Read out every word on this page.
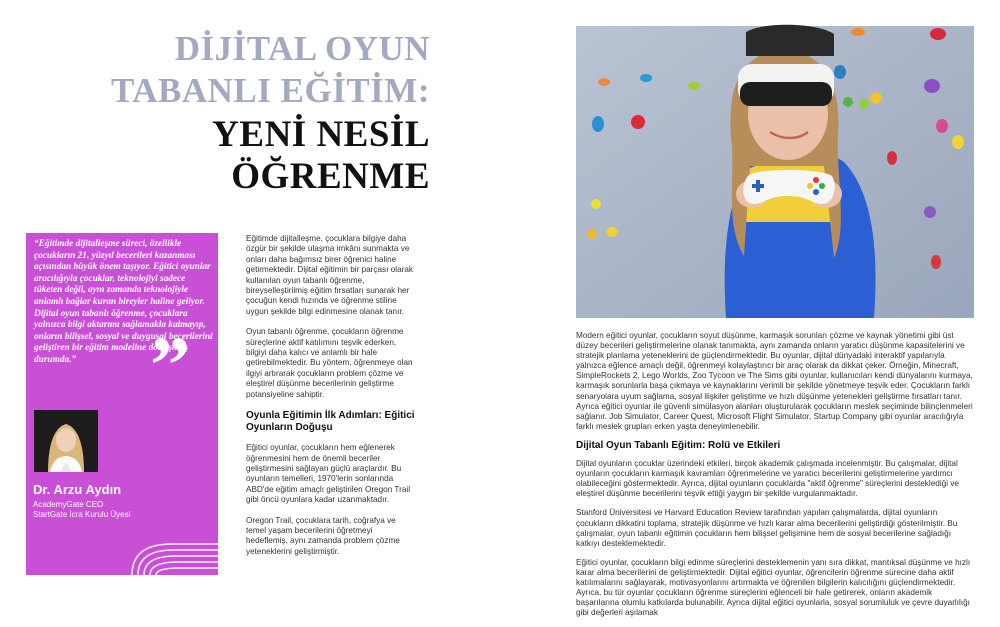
DİJİTAL OYUN
TABANLI EĞİTİM:
YENİ NESİL ÖĞRENME
“Eğitimde dijitalleşme süreci, özellikle çocukların 21. yüzyıl becerileri kazanması açısından büyük önem taşıyor. Eğitici oyunlar aracılığıyla çocuklar, teknolojiyi sadece tüketen değil, aynı zamanda teknolojiyle anlamlı bağlar kuran bireyler haline geliyor. Dijital oyun tabanlı öğrenme, çocuklara yalnızca bilgi aktarımı sağlamakla kalmayıp, onların bilişsel, sosyal ve duygusal becerilerini geliştiren bir eğitim modeline dönüşmüş durumda.” ”
Dr. Arzu Aydın
AcademyGate CEO
StartGate İcra Kurulu Üyesi

Eğitimde dijitalleşme, çocuklara bilgiye daha özgür bir şekilde ulaşma imkânı sunmakta ve onları daha bağımsız birer öğrenici haline getirmektedir. Dijital eğitimin bir parçası olarak kullanılan oyun tabanlı öğrenme, bireyselleştirilmiş eğitim fırsatları sunarak her çocuğun kendi hızında ve öğrenme stiline uygun şekilde bilgi edinmesine olanak tanır.

Oyun tabanlı öğrenme, çocukların öğrenme süreçlerine aktif katılımını teşvik ederken, bilgiyi daha kalıcı ve anlamlı bir hale getirebilmektedir. Bu yöntem, öğrenmeye olan ilgiyi artırarak çocukların problem çözme ve eleştirel düşünme becerilerinin geliştirme potansiyeline sahiptir.

Oyunla Eğitimin İlk Adımları: Eğitici Oyunların Doğuşu

Eğitici oyunlar, çocukların hem eğlenerek öğrenmesini hem de önemli beceriler geliştirmesini sağlayan güçlü araçlardır. Bu oyunların temelleri, 1970'lerin sonlarında ABD'de eğitim amaçlı geliştirilen Oregon Trail gibi öncü oyunlara kadar uzanmaktadır.

Oregon Trail, çocuklara tarih, coğrafya ve temel yaşam becerilerini öğretmeyi hedeflemiş, aynı zamanda problem çözme yeteneklerini geliştirmiştir.

Modern eğitici oyunlar, çocukların soyut düşünme, karmaşık sorunları çözme ve kaynak yönetimi gibi üst düzey becerileri geliştirmelerine olanak tanımakta, aynı zamanda onların yaratıcı düşünme kapasitelerini ve stratejik planlama yeteneklerini de güçlendirmektedir. Bu oyunlar, dijital dünyadaki interaktif yapılarıyla yalnızca eğlence amaçlı değil, öğrenmeyi kolaylaştırıcı bir araç olarak da dikkat çeker. Örneğin, Minecraft, SimpleRockets 2, Lego Worlds, Zoo Tycoon ve The Sims gibi oyunlar, kullanıcıları kendi dünyalarını kurmaya, karmaşık sorunlarla başa çıkmaya ve kaynaklarını verimli bir şekilde yönetmeye teşvik eder. Çocukların farklı senaryolara uyum sağlama, sosyal ilişkiler geliştirme ve hızlı düşünme yetenekleri geliştirme fırsatları tanır. Ayrıca eğitici oyunlar ile güvenli simülasyon alanları oluşturularak çocukların meslek seçiminde bilinçlenmeleri sağlanır. Job Simulator, Career Quest, Microsoft Flight Simulator, Startup Company gibi oyunlar aracılığıyla farklı meslek grupları erken yaşta deneyimlenebilir.

Dijital Oyun Tabanlı Eğitim: Rolü ve Etkileri

Dijital oyunların çocuklar üzerindeki etkileri, birçok akademik çalışmada incelenmiştir. Bu çalışmalar, dijital oyunların çocukların karmaşık kavramları öğrenmelerine ve yaratıcı becerilerini geliştirmelerine yardımcı olabileceğini göstermektedir. Ayrıca, dijital oyunların çocuklarda "aktif öğrenme" süreçlerini desteklediği ve eleştirel düşünme becerilerini teşvik ettiği yaygın bir şekilde vurgulanmaktadır.

Stanford Üniversitesi ve Harvard Education Review tarafından yapılan çalışmalarda, dijital oyunların çocukların dikkatini toplama, stratejik düşünme ve hızlı karar alma becerilerini geliştirdiği gösterilmiştir. Bu çalışmalar, oyun tabanlı eğitimin çocukların hem bilişsel gelişimine hem de sosyal becerilerine sağladığı katkıyı desteklemektedir.

Eğitici oyunlar, çocukların bilgi edinme süreçlerini desteklemenin yanı sıra dikkat, mantıksal düşünme ve hızlı karar alma becerilerini de geliştirmektedir. Dijital eğitici oyunlar, öğrencilerin öğrenme sürecine daha aktif katılımalarını sağlayarak, motivasyonlarını artırmakta ve öğrenilen bilgilerin kalıcılığını güçlendirmektedir. Ayrıca, bu tür oyunlar çocukların öğrenme süreçlerini eğlenceli bir hale getirerek, onların akademik başarılarına olumlu katkılarda bulunabilir. Ayrıca dijital eğitici oyunlarla, sosyal sorumluluk ve çevre duyarlılığı gibi değerleri aşılamak
